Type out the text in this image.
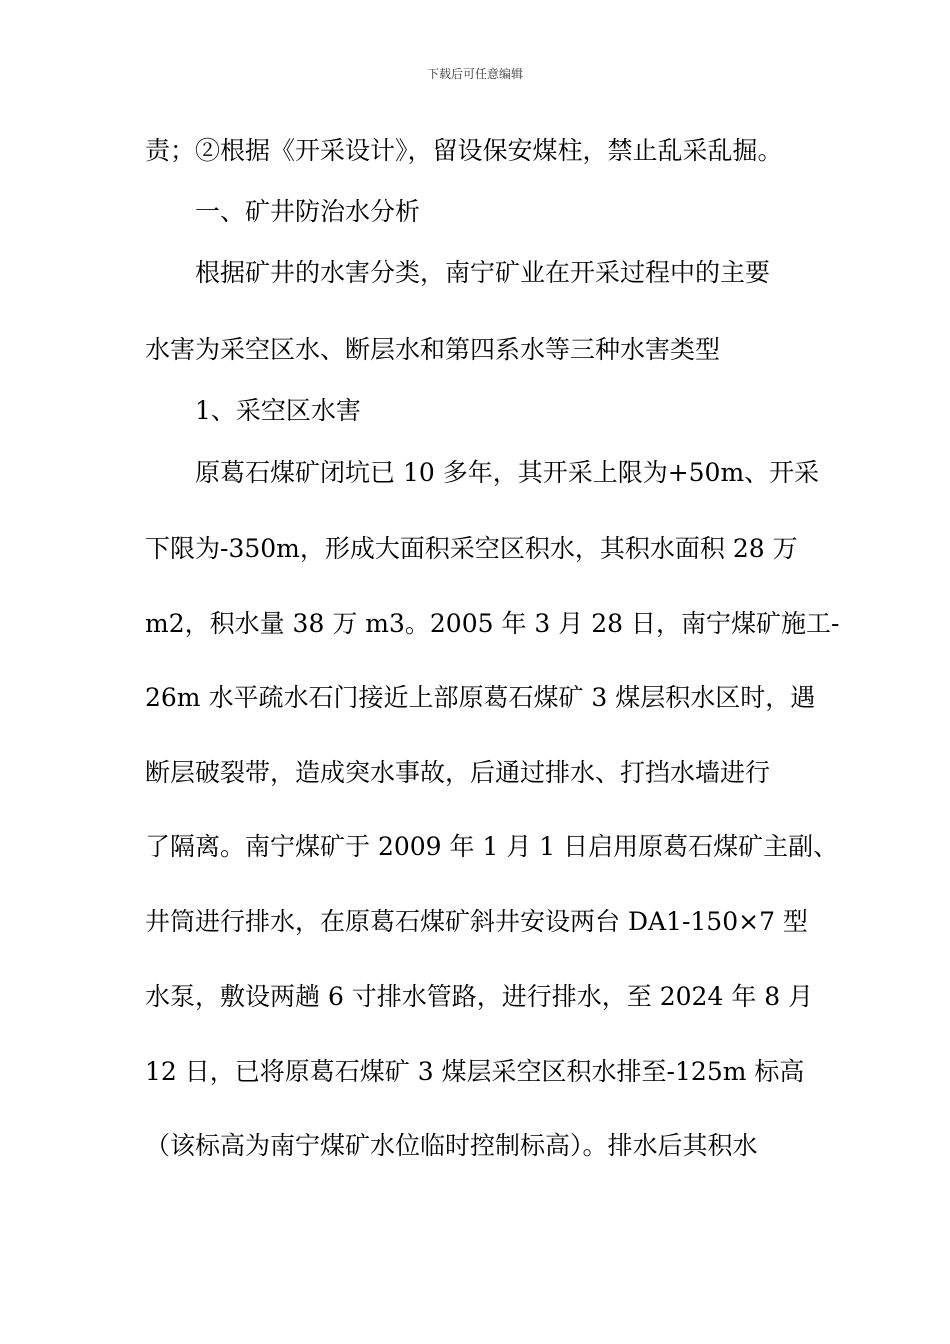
下载后可任意编辑
责；②根据《开采设计》，留设保安煤柱，禁止乱采乱掘。
一、矿井防治水分析
根据矿井的水害分类，南宁矿业在开采过程中的主要
水害为采空区水、断层水和第四系水等三种水害类型
1、采空区水害
原葛石煤矿闭坑已 10 多年，其开采上限为+50m、开采
下限为-350m，形成大面积采空区积水，其积水面积 28 万
m2，积水量 38 万 m3。2005 年 3 月 28 日，南宁煤矿施工-
26m 水平疏水石门接近上部原葛石煤矿 3 煤层积水区时，遇
断层破裂带，造成突水事故，后通过排水、打挡水墙进行
了隔离。南宁煤矿于 2009 年 1 月 1 日启用原葛石煤矿主副、
井筒进行排水，在原葛石煤矿斜井安设两台 DA1-150×7 型
水泵，敷设两趟 6 寸排水管路，进行排水，至 2024 年 8 月
12 日，已将原葛石煤矿 3 煤层采空区积水排至-125m 标高
（该标高为南宁煤矿水位临时控制标高）。排水后其积水
